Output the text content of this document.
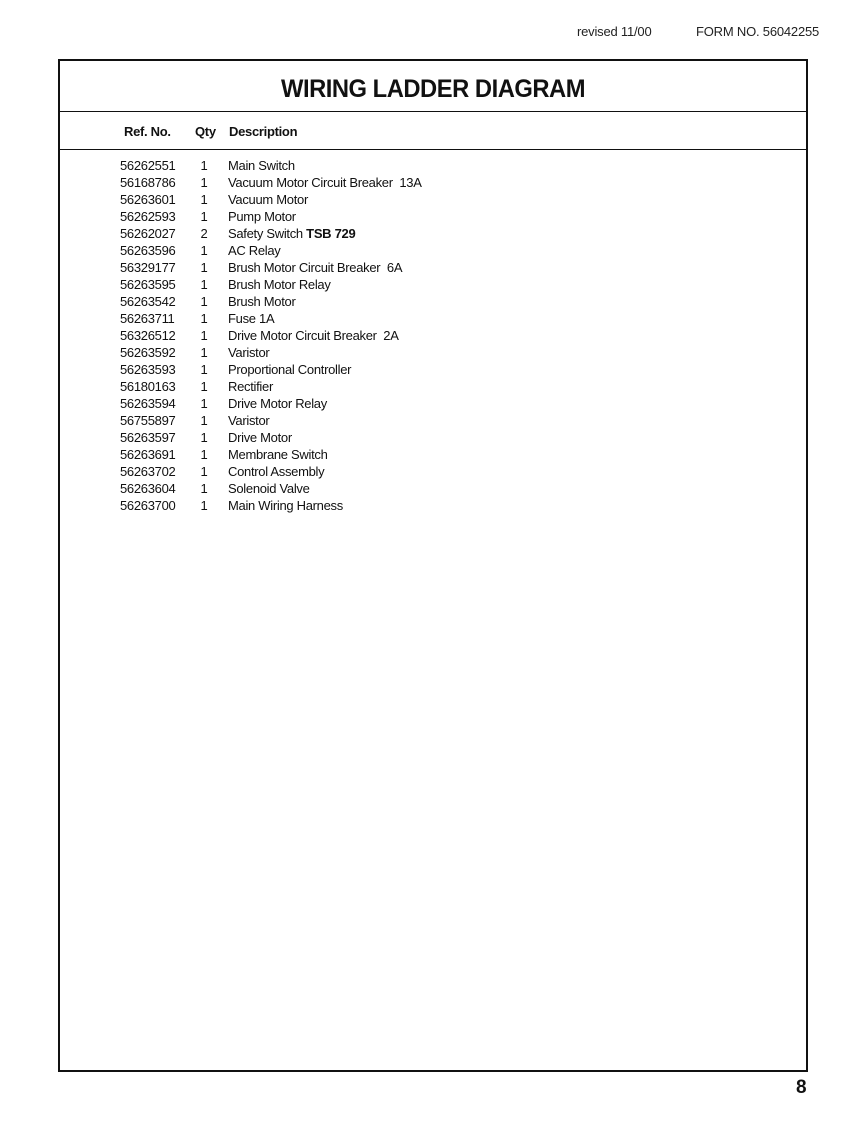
revised 11/00	FORM NO. 56042255
WIRING LADDER DIAGRAM
Ref. No. Qty Description
56262551 1 Main Switch
56168786 1 Vacuum Motor Circuit Breaker  13A
56263601 1 Vacuum Motor
56262593 1 Pump Motor
56262027 2 Safety Switch TSB 729
56263596 1 AC Relay
56329177 1 Brush Motor Circuit Breaker  6A
56263595 1 Brush Motor Relay
56263542 1 Brush Motor
56263711 1 Fuse 1A
56326512 1 Drive Motor Circuit Breaker  2A
56263592 1 Varistor
56263593 1 Proportional Controller
56180163 1 Rectifier
56263594 1 Drive Motor Relay
56755897 1 Varistor
56263597 1 Drive Motor
56263691 1 Membrane Switch
56263702 1 Control Assembly
56263604 1 Solenoid Valve
56263700 1 Main Wiring Harness
8
